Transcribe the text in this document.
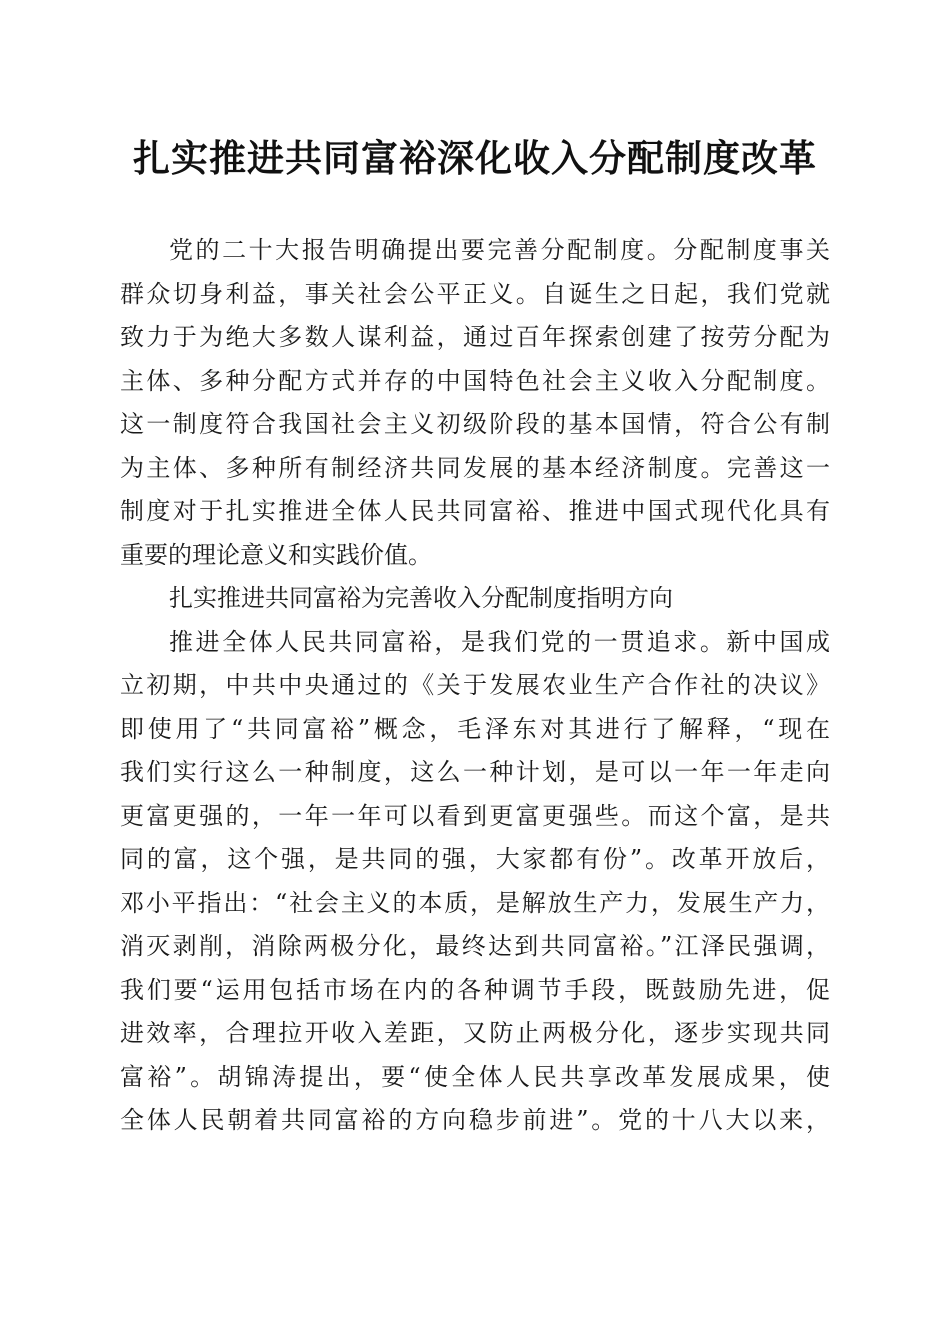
扎实推进共同富裕深化收入分配制度改革
党的二十大报告明确提出要完善分配制度。分配制度事关
群众切身利益，事关社会公平正义。自诞生之日起，我们党就
致力于为绝大多数人谋利益，通过百年探索创建了按劳分配为
主体、多种分配方式并存的中国特色社会主义收入分配制度。
这一制度符合我国社会主义初级阶段的基本国情，符合公有制
为主体、多种所有制经济共同发展的基本经济制度。完善这一
制度对于扎实推进全体人民共同富裕、推进中国式现代化具有
重要的理论意义和实践价值。
扎实推进共同富裕为完善收入分配制度指明方向
推进全体人民共同富裕，是我们党的一贯追求。新中国成
立初期，中共中央通过的《关于发展农业生产合作社的决议》
即使用了“共同富裕”概念，毛泽东对其进行了解释，“现在
我们实行这么一种制度，这么一种计划，是可以一年一年走向
更富更强的，一年一年可以看到更富更强些。而这个富，是共
同的富，这个强，是共同的强，大家都有份”。改革开放后，
邓小平指出：“社会主义的本质，是解放生产力，发展生产力，
消灭剥削，消除两极分化，最终达到共同富裕。”江泽民强调，
我们要“运用包括市场在内的各种调节手段，既鼓励先进，促
进效率，合理拉开收入差距，又防止两极分化，逐步实现共同
富裕”。胡锦涛提出，要“使全体人民共享改革发展成果，使
全体人民朝着共同富裕的方向稳步前进”。党的十八大以来，
